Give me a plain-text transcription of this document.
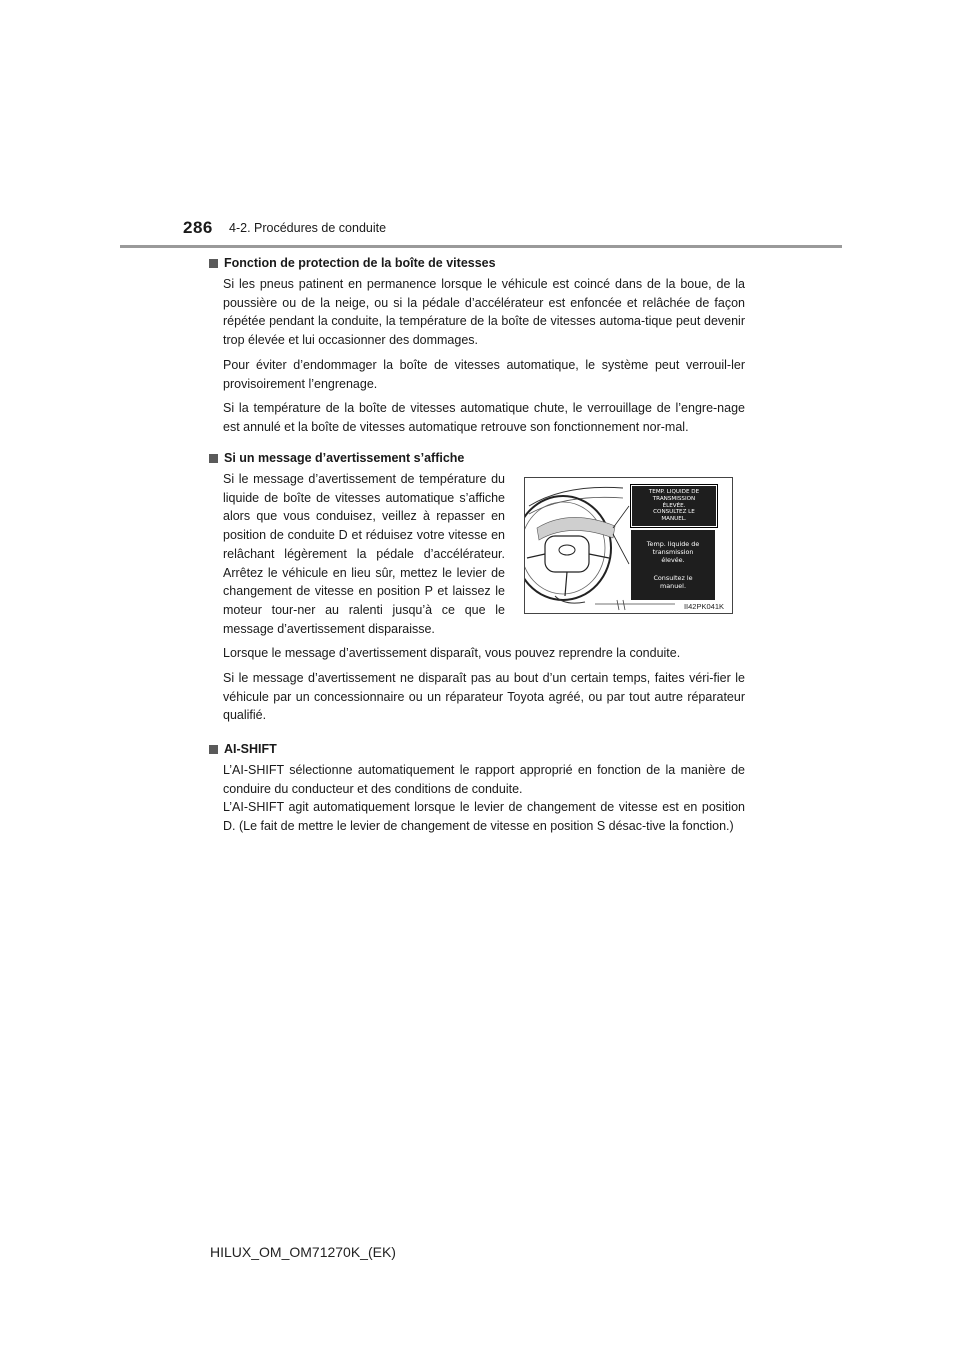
286 4-2. Procédures de conduite
Fonction de protection de la boîte de vitesses

Si les pneus patinent en permanence lorsque le véhicule est coincé dans de la boue, de la poussière ou de la neige, ou si la pédale d’accélérateur est enfoncée et relâchée de façon répétée pendant la conduite, la température de la boîte de vitesses automa-tique peut devenir trop élevée et lui occasionner des dommages.

Pour éviter d’endommager la boîte de vitesses automatique, le système peut verrouil-ler provisoirement l’engrenage.

Si la température de la boîte de vitesses automatique chute, le verrouillage de l’engre-nage est annulé et la boîte de vitesses automatique retrouve son fonctionnement nor-mal.

Si un message d’avertissement s’affiche

Si le message d’avertissement de température du liquide de boîte de vitesses automatique s’affiche alors que vous conduisez, veillez à repasser en position de conduite D et réduisez votre vitesse en relâchant légèrement la pédale d’accélérateur. Arrêtez le véhicule en lieu sûr, mettez le levier de changement de vitesse en position P et laissez le moteur tour-ner au ralenti jusqu’à ce que le message d’avertissement disparaisse.

Lorsque le message d’avertissement disparaît, vous pouvez reprendre la conduite.

Si le message d’avertissement ne disparaît pas au bout d’un certain temps, faites véri-fier le véhicule par un concessionnaire ou un réparateur Toyota agréé, ou par tout autre réparateur qualifié.

TEMP. LIQUIDE DE
TRANSMISSION
ÉLEVÉE.
CONSULTEZ LE
MANUEL.
Temp. liquide de
transmission
élevée.
Consultez le
manuel.
II42PK041K
AI-SHIFT

L’AI-SHIFT sélectionne automatiquement le rapport approprié en fonction de la manière de conduire du conducteur et des conditions de conduite.

L’AI-SHIFT agit automatiquement lorsque le levier de changement de vitesse est en position D. (Le fait de mettre le levier de changement de vitesse en position S désac-tive la fonction.)

HILUX_OM_OM71270K_(EK)
